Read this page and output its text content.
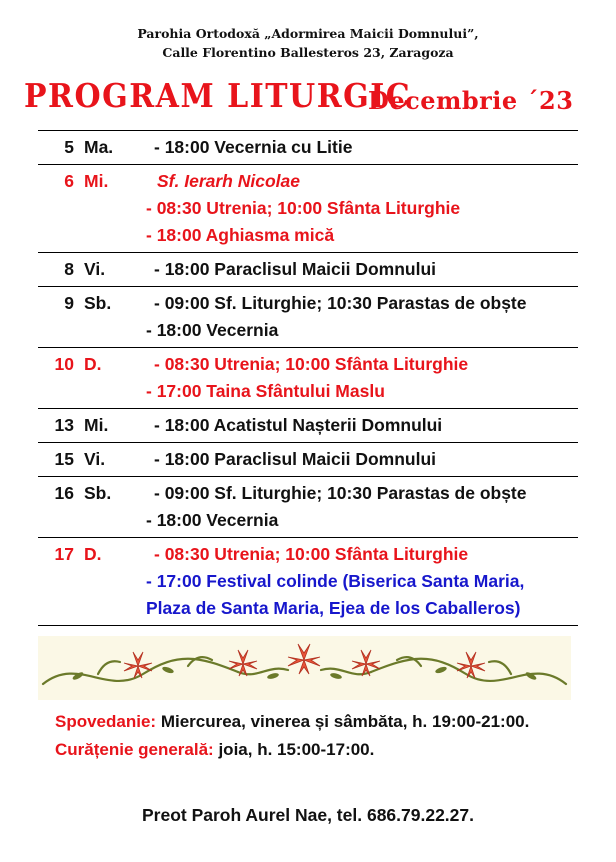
Parohia Ortodoxă „Adormirea Maicii Domnului”,
Calle Florentino Ballesteros 23, Zaragoza
PROGRAM LITURGIC
Decembrie ´23
5 Ma.	- 18:00 Vecernia cu Litie
6 Mi.	Sf. Ierarh Nicolae
- 08:30 Utrenia; 10:00 Sfânta Liturghie
- 18:00 Aghiasma mică
8 Vi.	- 18:00 Paraclisul Maicii Domnului
9 Sb.	- 09:00 Sf. Liturghie; 10:30 Parastas de obște
- 18:00 Vecernia
10 D.	- 08:30 Utrenia; 10:00 Sfânta Liturghie
- 17:00 Taina Sfântului Maslu
13 Mi.	- 18:00 Acatistul Nașterii Domnului
15 Vi.	- 18:00 Paraclisul Maicii Domnului
16 Sb.	- 09:00 Sf. Liturghie; 10:30 Parastas de obște
- 18:00 Vecernia
17 D.	- 08:30 Utrenia; 10:00 Sfânta Liturghie
- 17:00 Festival colinde (Biserica Santa Maria,
Plaza de Santa Maria, Ejea de los Caballeros)
Spovedanie: Miercurea, vinerea și sâmbăta, h. 19:00-21:00.
Curățenie generală: joia, h. 15:00-17:00.
Preot Paroh Aurel Nae, tel. 686.79.22.27.
